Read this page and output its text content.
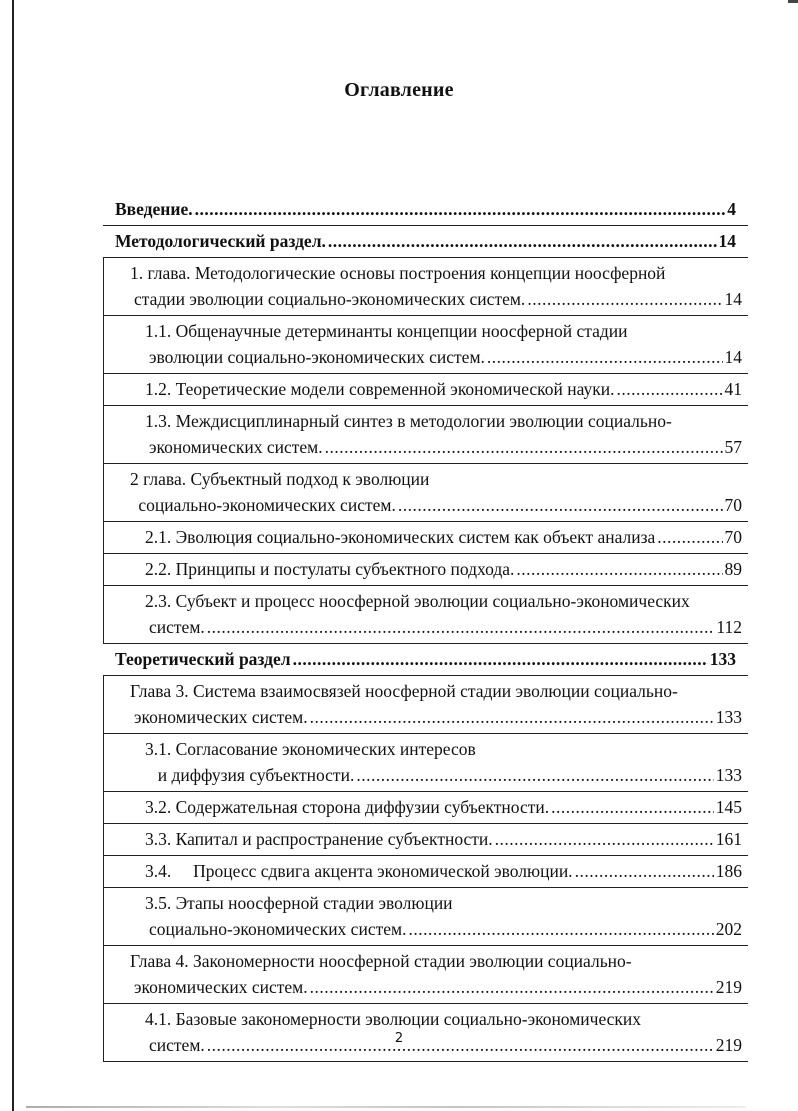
Оглавление
Введение. .....	4
Методологический раздел. .....	14
1. глава. Методологические основы построения концепции ноосферной
стадии эволюции социально-экономических систем. .....	14
1.1. Общенаучные детерминанты концепции ноосферной стадии
эволюции социально-экономических систем. .....	14
1.2. Теоретические модели современной экономической науки. .....	41
1.3. Междисциплинарный синтез в методологии эволюции социально-
экономических систем. .....	57
2 глава. Субъектный подход к эволюции
социально-экономических систем. .....	70
2.1. Эволюция социально-экономических систем как объект анализа .....	70
2.2. Принципы и постулаты субъектного подхода. .....	89
2.3. Субъект и процесс ноосферной эволюции социально-экономических
систем. .....	112
Теоретический раздел .....	133
Глава 3. Система взаимосвязей ноосферной стадии эволюции социально-
экономических систем. .....	133
3.1. Согласование экономических интересов
и диффузия субъектности. .....	133
3.2. Содержательная сторона диффузии субъектности. .....	145
3.3. Капитал и распространение субъектности. .....	161
3.4.     Процесс сдвига акцента экономической эволюции. .....	186
3.5. Этапы ноосферной стадии эволюции
социально-экономических систем. .....	202
Глава 4. Закономерности ноосферной стадии эволюции социально-
экономических систем. .....	219
4.1. Базовые закономерности эволюции социально-экономических
систем. .....	219
2
